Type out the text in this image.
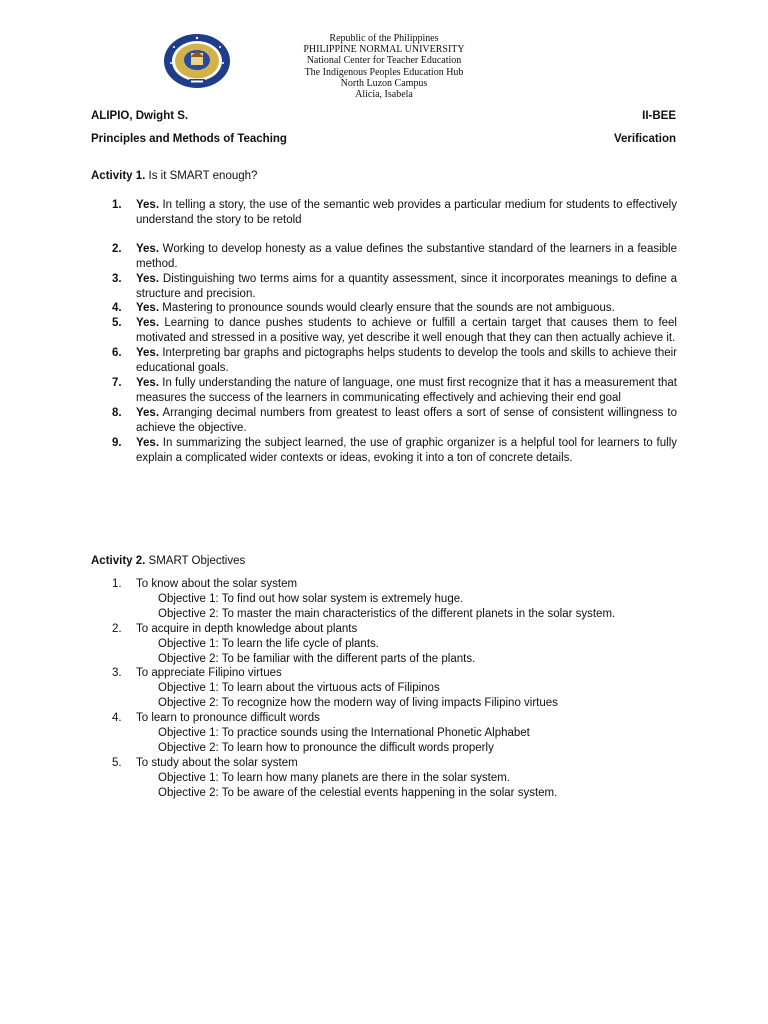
Republic of the Philippines
PHILIPPINE NORMAL UNIVERSITY
National Center for Teacher Education
The Indigenous Peoples Education Hub
North Luzon Campus
Alicia, Isabela
ALIPIO, Dwight S.	II-BEE
Principles and Methods of Teaching	Verification
Activity 1. Is it SMART enough?
1. Yes. In telling a story, the use of the semantic web provides a particular medium for students to effectively understand the story to be retold
2. Yes. Working to develop honesty as a value defines the substantive standard of the learners in a feasible method.
3. Yes. Distinguishing two terms aims for a quantity assessment, since it incorporates meanings to define a structure and precision.
4. Yes. Mastering to pronounce sounds would clearly ensure that the sounds are not ambiguous.
5. Yes. Learning to dance pushes students to achieve or fulfill a certain target that causes them to feel motivated and stressed in a positive way, yet describe it well enough that they can then actually achieve it.
6. Yes. Interpreting bar graphs and pictographs helps students to develop the tools and skills to achieve their educational goals.
7. Yes. In fully understanding the nature of language, one must first recognize that it has a measurement that measures the success of the learners in communicating effectively and achieving their end goal
8. Yes. Arranging decimal numbers from greatest to least offers a sort of sense of consistent willingness to achieve the objective.
9. Yes. In summarizing the subject learned, the use of graphic organizer is a helpful tool for learners to fully explain a complicated wider contexts or ideas, evoking it into a ton of concrete details.
Activity 2. SMART Objectives
1. To know about the solar system
Objective 1: To find out how solar system is extremely huge.
Objective 2: To master the main characteristics of the different planets in the solar system.
2. To acquire in depth knowledge about plants
Objective 1: To learn the life cycle of plants.
Objective 2: To be familiar with the different parts of the plants.
3. To appreciate Filipino virtues
Objective 1: To learn about the virtuous acts of Filipinos
Objective 2: To recognize how the modern way of living impacts Filipino virtues
4. To learn to pronounce difficult words
Objective 1: To practice sounds using the International Phonetic Alphabet
Objective 2: To learn how to pronounce the difficult words properly
5. To study about the solar system
Objective 1: To learn how many planets are there in the solar system.
Objective 2: To be aware of the celestial events happening in the solar system.
